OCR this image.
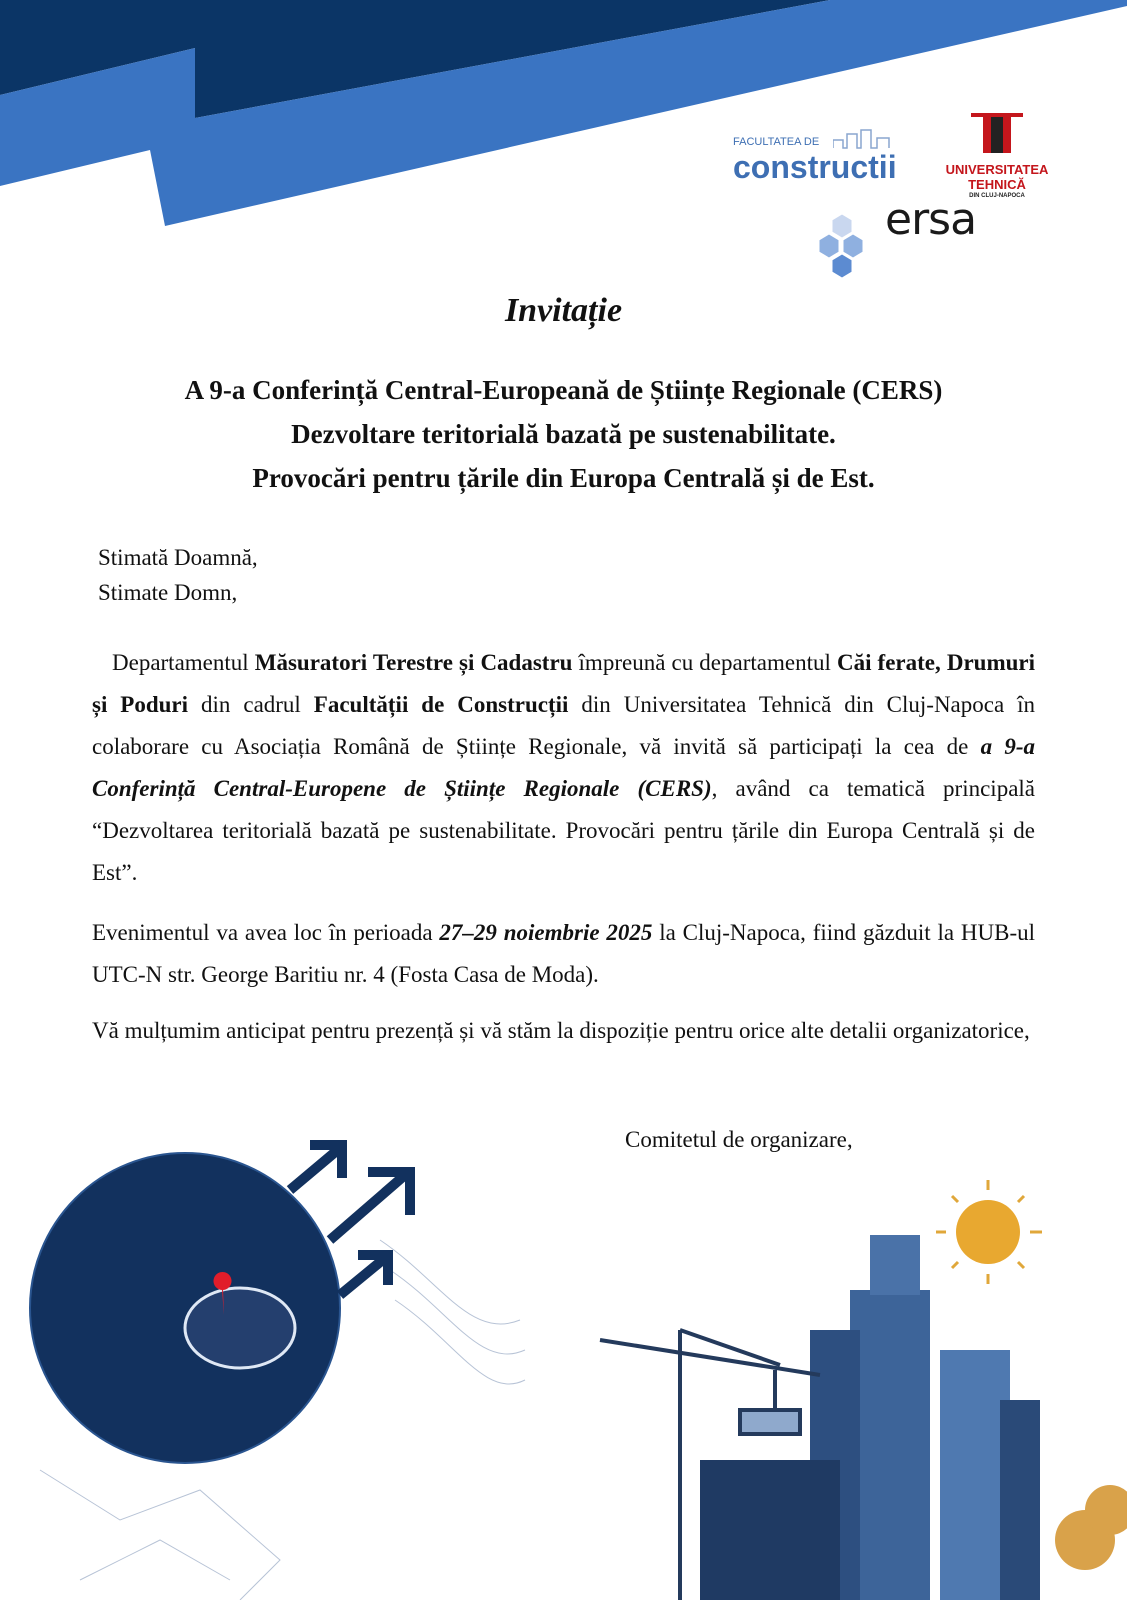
FACULTATEA DE
constructii	UNIVERSITATEA
TEHNICĂ
DIN CLUJ-NAPOCA
ersa
Invitație
A 9-a Conferință Central-Europeană de Științe Regionale (CERS)
Dezvoltare teritorială bazată pe sustenabilitate.
Provocări pentru țările din Europa Centrală și de Est.
Stimată Doamnă,
Stimate Domn,
Departamentul Măsuratori Terestre și Cadastru împreună cu departamentul Căi ferate, Drumuri și Poduri din cadrul Facultății de Construcții din Universitatea Tehnică din Cluj-Napoca în colaborare cu Asociația Română de Științe Regionale, vă invită să participați la cea de a 9-a Conferință Central-Europene de Științe Regionale (CERS), având ca tematică principală “Dezvoltarea teritorială bazată pe sustenabilitate. Provocări pentru țările din Europa Centrală și de Est”.
Evenimentul va avea loc în perioada 27–29 noiembrie 2025 la Cluj-Napoca, fiind găzduit la HUB-ul UTC-N str. George Baritiu nr. 4 (Fosta Casa de Moda).
Vă mulțumim anticipat pentru prezență și vă stăm la dispoziție pentru orice alte detalii organizatorice,
Comitetul de organizare,
